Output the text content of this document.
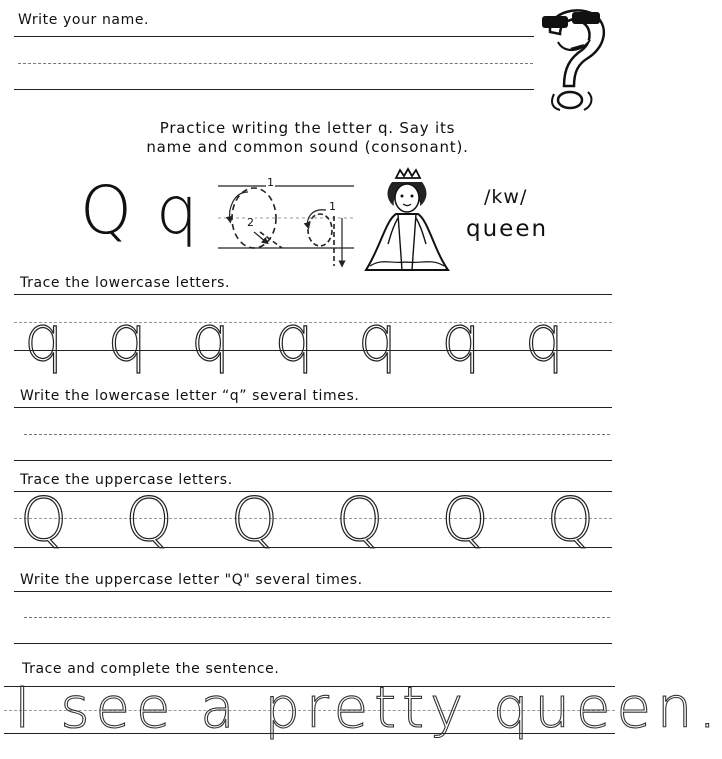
Write your name.
Practice writing the letter q. Say its
name and common sound (consonant).
Q q	1
2
1	/kw/
queen
Trace the lowercase letters.
q q q q q q q
Write the lowercase letter “q” several times.
Trace the uppercase letters.
Q Q Q Q Q Q
Write the uppercase letter "Q" several times.
Trace and complete the sentence.
I see a pretty queen.
